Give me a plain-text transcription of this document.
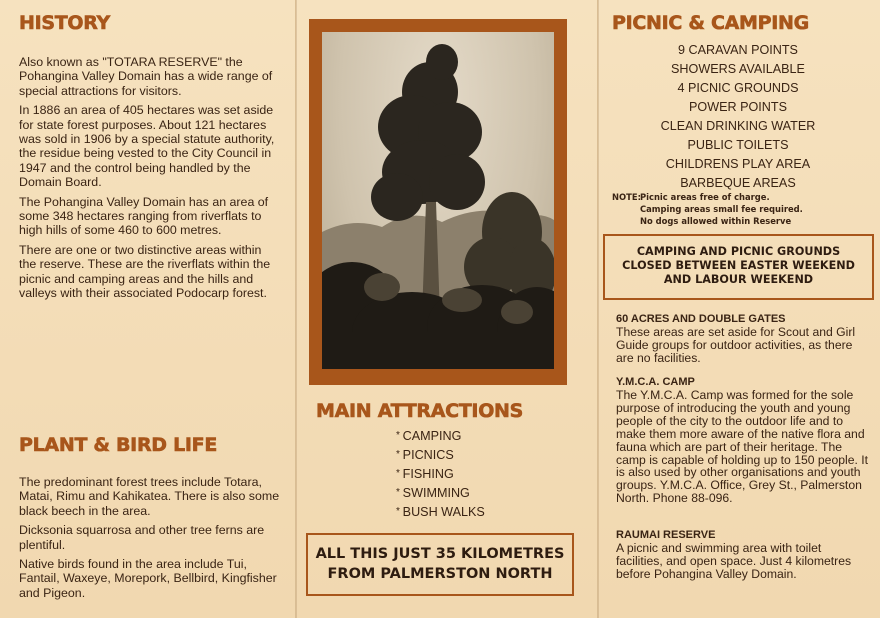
HISTORY

Also known as "TOTARA RESERVE" the Pohangina Valley Domain has a wide range of special attractions for visitors.

In 1886 an area of 405 hectares was set aside for state forest purposes. About 121 hectares was sold in 1906 by a special statute authority, the residue being vested to the City Council in 1947 and the control being handled by the Domain Board.

The Pohangina Valley Domain has an area of some 348 hectares ranging from riverflats to high hills of some 460 to 600 metres.

There are one or two distinctive areas within the reserve. These are the riverflats within the picnic and camping areas and the hills and valleys with their associated Podocarp forest.

PLANT & BIRD LIFE

The predominant forest trees include Totara, Matai, Rimu and Kahikatea. There is also some black beech in the area.

Dicksonia squarrosa and other tree ferns are plentiful.

Native birds found in the area include Tui, Fantail, Waxeye, Morepork, Bellbird, Kingfisher and Pigeon.

MAIN ATTRACTIONS
* CAMPING
* PICNICS
* FISHING
* SWIMMING
* BUSH WALKS
ALL THIS JUST 35 KILOMETRES
FROM PALMERSTON NORTH
PICNIC & CAMPING
9 CARAVAN POINTS
SHOWERS AVAILABLE
4 PICNIC GROUNDS
POWER POINTS
CLEAN DRINKING WATER
PUBLIC TOILETS
CHILDRENS PLAY AREA
BARBEQUE AREAS
NOTE:Picnic areas free of charge.
Camping areas small fee required.
No dogs allowed within Reserve
CAMPING AND PICNIC GROUNDS
CLOSED BETWEEN EASTER WEEKEND
AND LABOUR WEEKEND
60 ACRES AND DOUBLE GATES
These areas are set aside for Scout and Girl Guide groups for outdoor activities, as there are no facilities.
Y.M.C.A. CAMP
The Y.M.C.A. Camp was formed for the sole purpose of introducing the youth and young people of the city to the outdoor life and to make them more aware of the native flora and fauna which are part of their heritage. The camp is capable of holding up to 150 people. It is also used by other organisations and youth groups. Y.M.C.A. Office, Grey St., Palmerston North. Phone 88-096.
RAUMAI RESERVE
A picnic and swimming area with toilet facilities, and open space. Just 4 kilometres before Pohangina Valley Domain.
